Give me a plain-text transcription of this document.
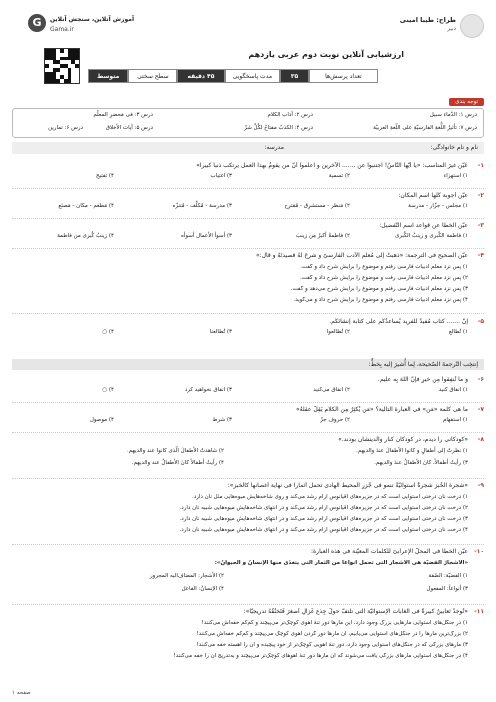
طراح: طیبا امینی
دبیر
G	آموزش آنلاین، سنجش آنلاین
Gama.ir
ارزشیابی آنلاین نوبت دوم عربی یازدهم
تعداد پرسش‌ها
۳۵
مدت پاسخگویی
۴۵ دقیقه
سطح سختی
متوسط
توجه بندی
درس ۱: الدّماء سبیل
درس ۲: آداب الکلام
درس ۳: فی مَحضرِ المعلّم
درس ۴: الکذبُ مفتاحٌ لکُلِّ شرّ
درس ۵: آیات الأخلاق
درس ۶: تمارین	درس ۷: تأثیرُ اللُّغةِ الفارسیّةِ علی اللّغةِ العربیّة
نام و نام خانوادگی:
مدرسه:
۱-
عَیّن غیرَ المناسب: «یا أیّها النّاسُ! اجتنبوا عن ....... الآخرین و اعلموا أنّ من یقومُ بهذا العمل یرتکب ذنباً کبیراً»
۱) استهزاء
۲) تسمیة
۳) اغتیاب
۴) تفتیح
۲-
عیّن أجوبة کُلّها اسم المکان:
۱) مجلس - جزّار - مدرسة
۲) مَنظر - مستشرِق - مُقترِح
۳) مدرسة - مُکلِّف - مُتنزّه
۴) مَطعَم - مکان - مَصنَع
۳-
عیّن الخطأ عن قواعد اسم التّفضیل:
۱) فاطمة الکُبری و زینبُ الکُبری
۲) فاطمةُ أکبرُ مِن زینبَ
۳) أسوأ الأعمال أسوأه
۴) زینبُ کُبری من فاطمة
۴-
عیّن الصحیح فی الترجمة: «ذهبتُ إلی مُعلّم الأدب الفارسیّ و شرحَ لهُ قصیدتَهُ و قال:»
۱) پس نزد معلّم ادبیات فارسی رفتم و موضوع را برایش شرح داد و گفت.
۲) پس نزد معلّم ادبیات فارسی رفت و موضوع را برایش شرح داد و گفت.
۳) پس نزد معلّم ادبیات فارسی رفتم و موضوع را برایش شرح می‌دهد و گفت.
۴) پس نزد معلّم ادبیات فارسی رفتم و موضوع را برایش شرح داد و می‌گوید.
۵-
إنّ ....... کتاب مُفیدٌ للفرید یُساعدُکُم علی کتابة إنشائکُم.
۱) تُطالع
۲) تُطالعوا
۳) تُطالعنا
۴) ○
اِنتخِب التّرجمةَ الصّحیحة، لِما أُشیرَ إلیه بِخطٍّ:
۶-
و ما تُنفِقوا مِن خیرٍ فإنّ اللهَ بِه علیم.
۱) انفاق کنید
۲) انفاق می‌کنید
۳) انفاق نخواهید کرد
۴) ○
۷-
ما هی کلمة «مَن» فی العبارة التالیة؟ «مَن یُکثِرُ مِن الکلام یَقِلُّ عقلُهُ»
۱) استفهام
۲) حروف جرّ
۳) شرط
۴) موصول
۸-
«کودکانی را دیدم، در کودکان کنار والدینشان بودند.»
۱) نظرتُ إلی أطفالٍ و کانوا الأطفالَ عندَ والدیهم.
۲) شاهدتُ الأطفالَ الّذی کانوا عند والدیهم.
۳) رأیتُ أطفالاً، کانَ الأطفالُ عندَ والدیهم.
۴) رأیتُ أطفالاً کانَ الأطفالُ عند والدیهم.
۹-
«شجرة الخُبز شجرةٌ استوائیّةٌ تنمو فی جُزرِ المحیط الهادی تحمل أثماراً فی نهایة أغصانها کالخبز»:
۱) درخت نان درختی استوایی است که در جزیره‌های اقیانوس آرام رشد می‌کند و روی شاخه‌هایش میوه‌هایی مثل نان دارد.
۲) درخت نان درختی استوایی است که در جزیره‌های اقیانوس آرام رشد می‌کند و در انتهای شاخه‌هایش میوه‌هایی شبیه نان دارد.
۳) درخت نان درختی استوایی است که در جزیره‌های اقیانوس آرام رشد می‌کند و در انتهای شاخه‌هایش میوه‌هایی شبیه نان دارد.
۴) درخت نان درختی استوایی است که در جزیره‌های اقیانوس آرام رشد می‌کند و در انتهای شاخه‌هایش میوه‌هایی شبیه نان دارد.
۱۰-
عیّن الخطأ فی المحلّ الإعرابیّ للکلمات المعیّنة فی هذه العبارة:
«الأشجارُ الفضیّة هی الأشجار الّتی تحمل أنواعاً من الثمار الّتی یتغذّی منها الإنسانُ و الحیوانُ»:
۱) الفضیّة: الصّفة
۲) الأشجار: المضاف‌الیه المجرور
۳) أنواعاً: المفعول
۴) الإنسانُ: الفاعل
۱۱-
«تُوجدُ ثعابینُ کبیرةٌ فی الغابات الإستوائیّة الّتی تلتفُّ حولَ جِذعِ غَزالٍ أصغرَ فَتَخنُقُهُ تدریجیّاً»:
۱) در جنگل‌های استوایی مارهایی بزرگ وجود دارد، این مارها دور تنهٔ آهوی کوچک‌تر می‌پیچند و کم‌کم خفه‌اش می‌کنند!
۲) بزرگ‌ترین مارها را در جنگل‌های استوایی می‌یابیم، آن مارها دور گردن آهوی کوچک می‌پیچند و کم‌کم خفه‌اش می‌کنند!
۳) مارهای بزرگی که در جنگل‌های استوایی وجود دارد، دور تنهٔ آهویی کوچک‌تر از خود پیچیده و آن را آهسته خفه می‌کنند!
۴) در جنگل‌های استوایی مارهای بزرگی یافت می‌شوند که آن مارها دور تنهٔ آهوهای کوچک‌تر می‌پیچند و به‌تدریج آن را خفه می‌کنند!
صفحه ۱
